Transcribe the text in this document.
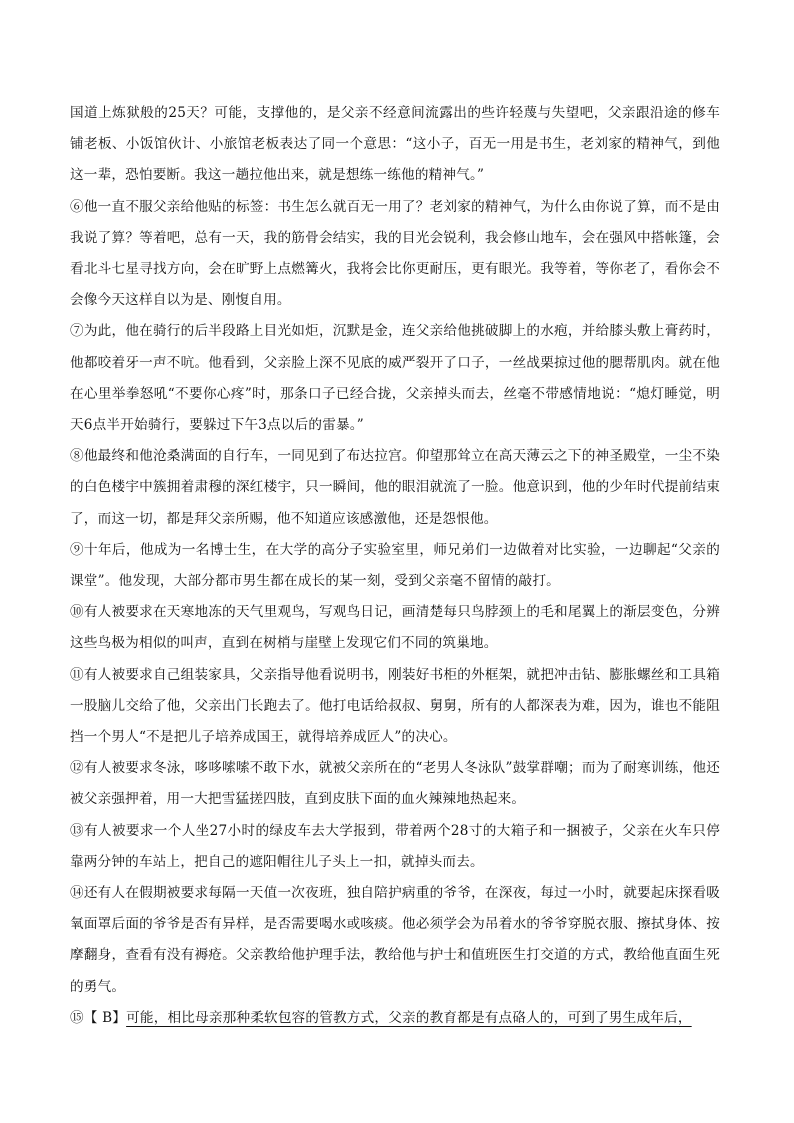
国道上炼狱般的25天？可能，支撑他的，是父亲不经意间流露出的些许轻蔑与失望吧，父亲跟沿途的修车铺老板、小饭馆伙计、小旅馆老板表达了同一个意思：“这小子，百无一用是书生，老刘家的精神气，到他这一辈，恐怕要断。我这一趟拉他出来，就是想练一练他的精神气。”

⑥他一直不服父亲给他贴的标签：书生怎么就百无一用了？老刘家的精神气，为什么由你说了算，而不是由我说了算？等着吧，总有一天，我的筋骨会结实，我的目光会锐利，我会修山地车，会在强风中搭帐篷，会看北斗七星寻找方向，会在旷野上点燃篝火，我将会比你更耐压，更有眼光。我等着，等你老了，看你会不会像今天这样自以为是、刚愎自用。

⑦为此，他在骑行的后半段路上目光如炬，沉默是金，连父亲给他挑破脚上的水疱，并给膝头敷上膏药时，他都咬着牙一声不吭。他看到，父亲脸上深不见底的威严裂开了口子，一丝战栗掠过他的腮帮肌肉。就在他在心里举拳怒吼“不要你心疼”时，那条口子已经合拢，父亲掉头而去，丝毫不带感情地说：“熄灯睡觉，明天6点半开始骑行，要躲过下午3点以后的雷暴。”

⑧他最终和他沧桑满面的自行车，一同见到了布达拉宫。仰望那耸立在高天薄云之下的神圣殿堂，一尘不染的白色楼宇中簇拥着肃穆的深红楼宇，只一瞬间，他的眼泪就流了一脸。他意识到，他的少年时代提前结束了，而这一切，都是拜父亲所赐，他不知道应该感激他，还是怨恨他。

⑨十年后，他成为一名博士生，在大学的高分子实验室里，师兄弟们一边做着对比实验，一边聊起“父亲的课堂”。他发现，大部分都市男生都在成长的某一刻，受到父亲毫不留情的敲打。

⑩有人被要求在天寒地冻的天气里观鸟，写观鸟日记，画清楚每只鸟脖颈上的毛和尾翼上的渐层变色，分辨这些鸟极为相似的叫声，直到在树梢与崖壁上发现它们不同的筑巢地。

⑪有人被要求自己组装家具，父亲指导他看说明书，刚装好书柜的外框架，就把冲击钻、膨胀螺丝和工具箱一股脑儿交给了他，父亲出门长跑去了。他打电话给叔叔、舅舅，所有的人都深表为难，因为，谁也不能阻挡一个男人“不是把儿子培养成国王，就得培养成匠人”的决心。

⑫有人被要求冬泳，哆哆嗦嗦不敢下水，就被父亲所在的“老男人冬泳队”鼓掌群嘲；而为了耐寒训练，他还被父亲强押着，用一大把雪猛搓四肢，直到皮肤下面的血火辣辣地热起来。

⑬有人被要求一个人坐27小时的绿皮车去大学报到，带着两个28寸的大箱子和一捆被子，父亲在火车只停靠两分钟的车站上，把自己的遮阳帽往儿子头上一扣，就掉头而去。

⑭还有人在假期被要求每隔一天值一次夜班，独自陪护病重的爷爷，在深夜，每过一小时，就要起床探看吸氧面罩后面的爷爷是否有异样，是否需要喝水或咳痰。他必须学会为吊着水的爷爷穿脱衣服、擦拭身体、按摩翻身，查看有没有褥疮。父亲教给他护理手法，教给他与护士和值班医生打交道的方式，教给他直面生死的勇气。

⑮【 B】可能，相比母亲那种柔软包容的管教方式，父亲的教育都是有点硌人的，可到了男生成年后，
